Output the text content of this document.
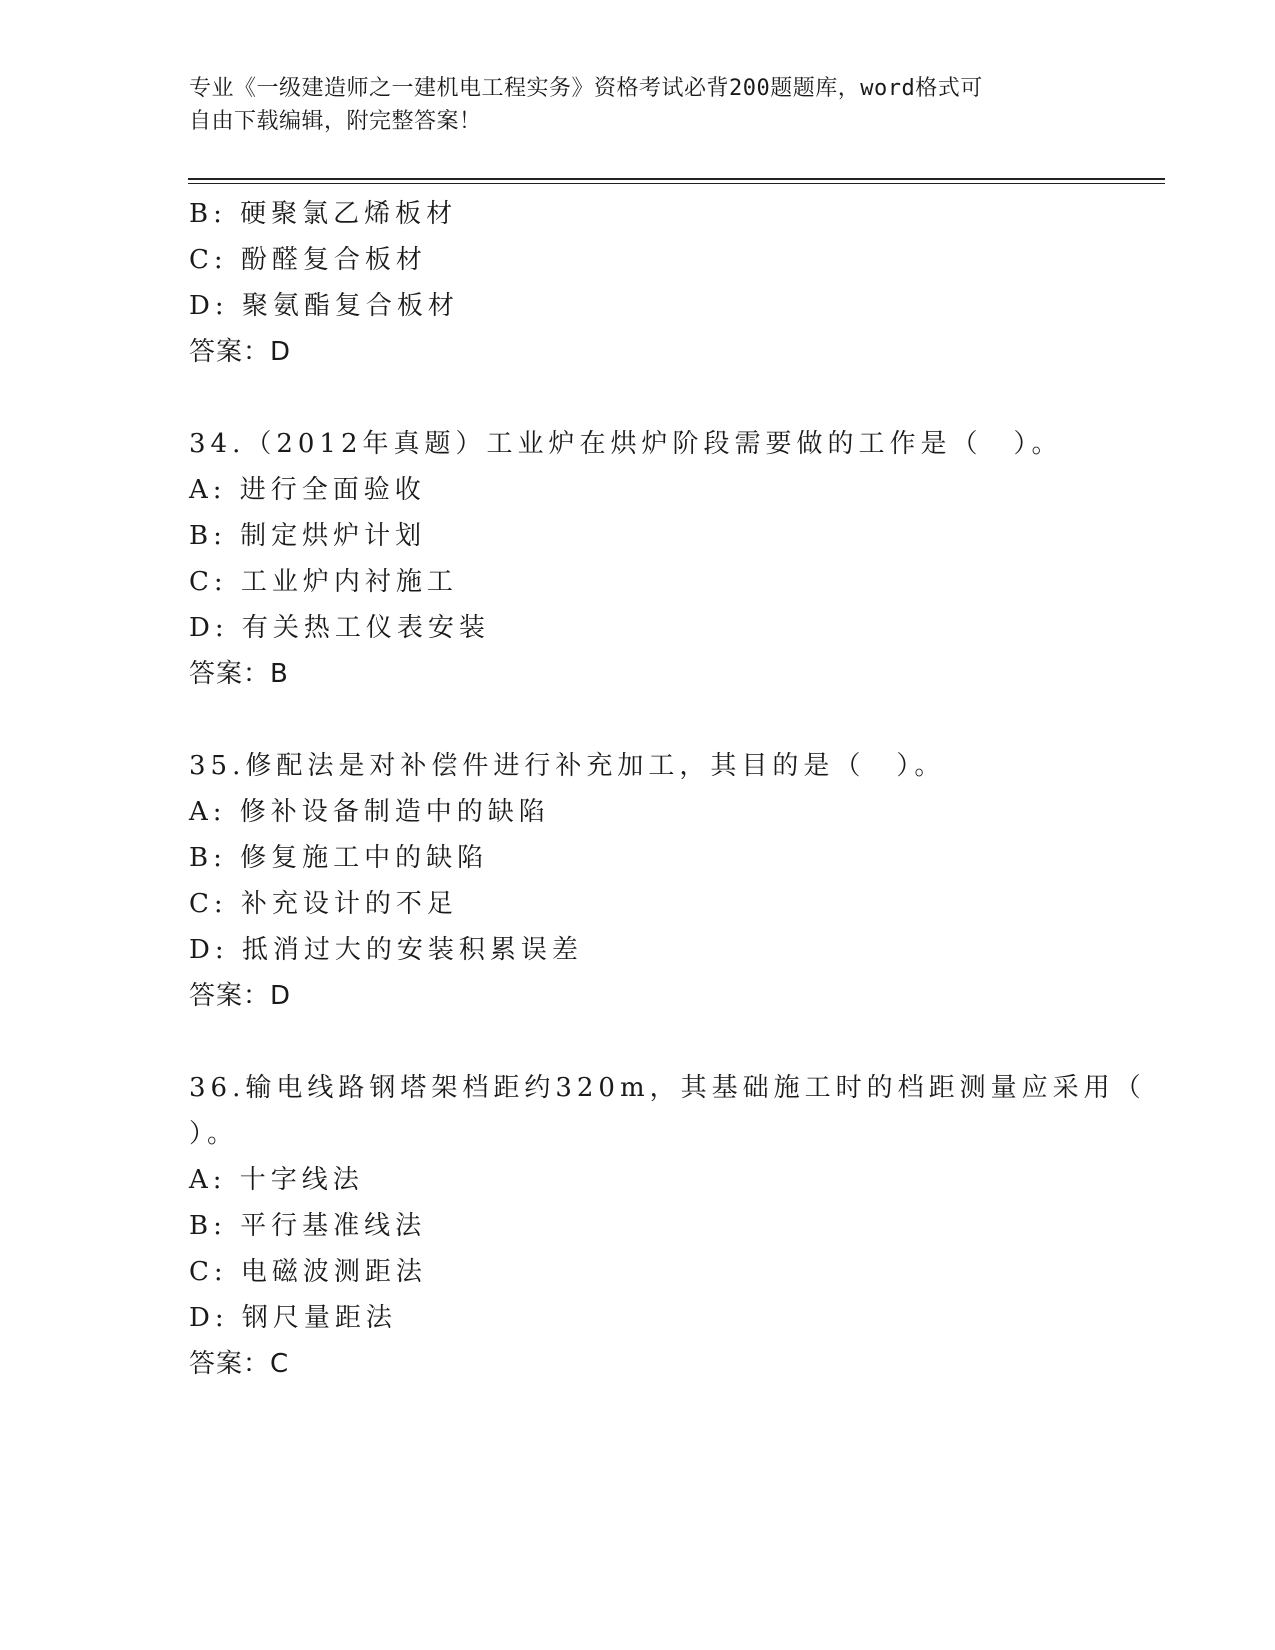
专业《一级建造师之一建机电工程实务》资格考试必背200题题库，word格式可
自由下载编辑，附完整答案！
B: 硬聚氯乙烯板材
C: 酚醛复合板材
D: 聚氨酯复合板材
答案：D
34.（2012年真题）工业炉在烘炉阶段需要做的工作是（　）。
A: 进行全面验收
B: 制定烘炉计划
C: 工业炉内衬施工
D: 有关热工仪表安装
答案：B
35.修配法是对补偿件进行补充加工，其目的是（　）。
A: 修补设备制造中的缺陷
B: 修复施工中的缺陷
C: 补充设计的不足
D: 抵消过大的安装积累误差
答案：D
36.输电线路钢塔架档距约320m，其基础施工时的档距测量应采用（
）。
A: 十字线法
B: 平行基准线法
C: 电磁波测距法
D: 钢尺量距法
答案：C
